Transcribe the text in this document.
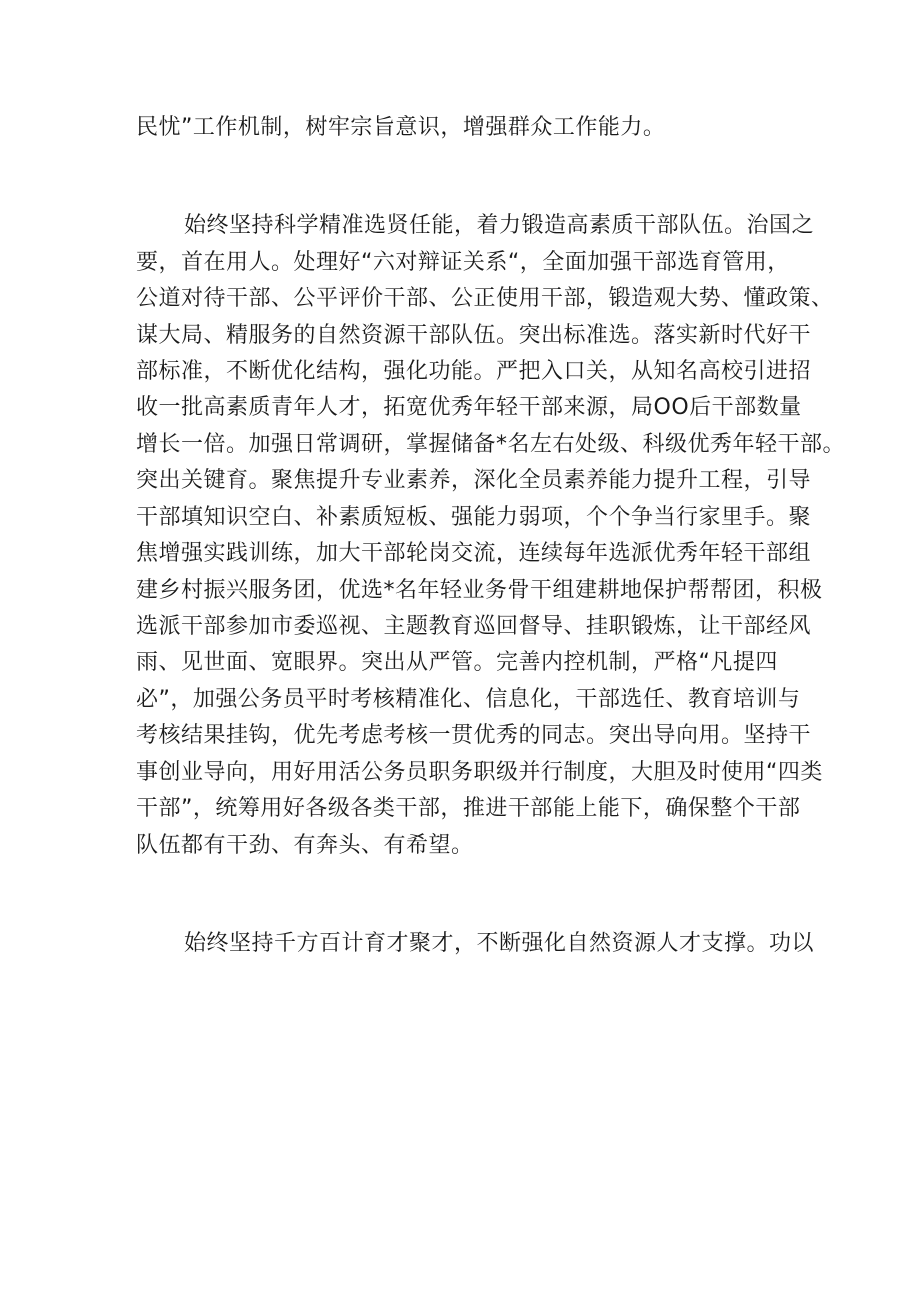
民忧”工作机制，树牢宗旨意识，增强群众工作能力。
始终坚持科学精准选贤任能，着力锻造高素质干部队伍。治国之
要，首在用人。处理好“六对辩证关系“，全面加强干部选育管用，
公道对待干部、公平评价干部、公正使用干部，锻造观大势、懂政策、
谋大局、精服务的自然资源干部队伍。突出标准选。落实新时代好干
部标准，不断优化结构，强化功能。严把入口关，从知名高校引进招
收一批高素质青年人才，拓宽优秀年轻干部来源，局OO后干部数量
增长一倍。加强日常调研，掌握储备*名左右处级、科级优秀年轻干部。
突出关键育。聚焦提升专业素养，深化全员素养能力提升工程，引导
干部填知识空白、补素质短板、强能力弱项，个个争当行家里手。聚
焦增强实践训练，加大干部轮岗交流，连续每年选派优秀年轻干部组
建乡村振兴服务团，优选*名年轻业务骨干组建耕地保护帮帮团，积极
选派干部参加市委巡视、主题教育巡回督导、挂职锻炼，让干部经风
雨、见世面、宽眼界。突出从严管。完善内控机制，严格“凡提四
必”，加强公务员平时考核精准化、信息化，干部选任、教育培训与
考核结果挂钩，优先考虑考核一贯优秀的同志。突出导向用。坚持干
事创业导向，用好用活公务员职务职级并行制度，大胆及时使用“四类
干部”，统筹用好各级各类干部，推进干部能上能下，确保整个干部
队伍都有干劲、有奔头、有希望。
始终坚持千方百计育才聚才，不断强化自然资源人才支撑。功以
